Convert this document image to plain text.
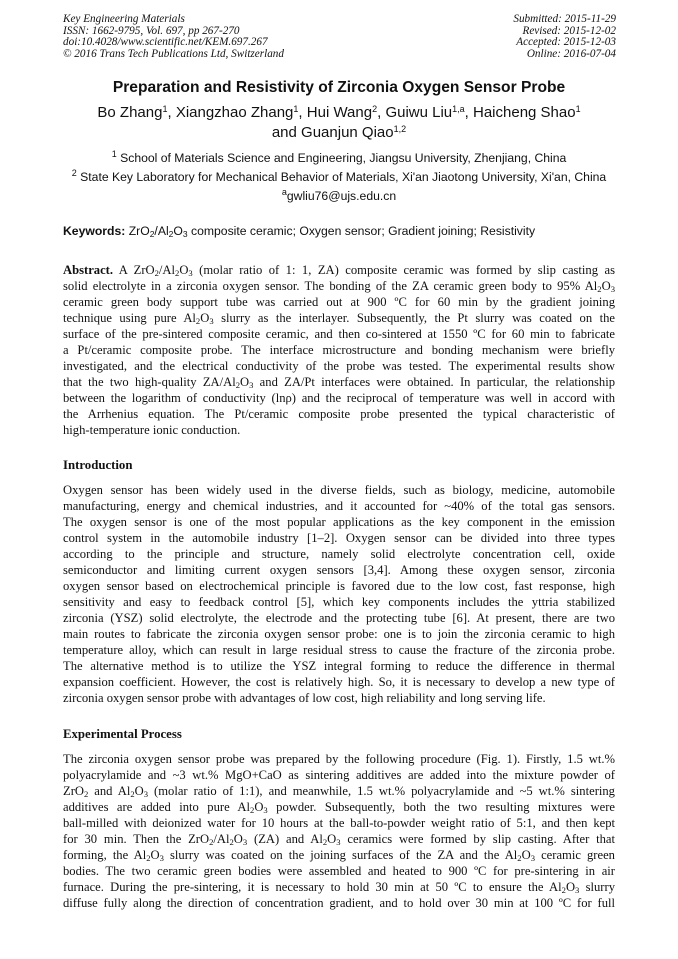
Key Engineering Materials
ISSN: 1662-9795, Vol. 697, pp 267-270
doi:10.4028/www.scientific.net/KEM.697.267
© 2016 Trans Tech Publications Ltd, Switzerland
Submitted: 2015-11-29
Revised: 2015-12-02
Accepted: 2015-12-03
Online: 2016-07-04
Preparation and Resistivity of Zirconia Oxygen Sensor Probe
Bo Zhang$^1$, Xiangzhao Zhang$^1$, Hui Wang$^2$, Guiwu Liu$^{1,a}$, Haicheng Shao$^1$
and Guanjun Qiao$^{1,2}$
$^1$ School of Materials Science and Engineering, Jiangsu University, Zhenjiang, China
$^2$ State Key Laboratory for Mechanical Behavior of Materials, Xi'an Jiaotong University, Xi'an, China
$^a$gwliu76@ujs.edu.cn
Keywords: $ZrO_2/Al_2O_3$ composite ceramic; Oxygen sensor; Gradient joining; Resistivity
Abstract. A $ZrO_2/Al_2O_3$ (molar ratio of 1: 1, ZA) composite ceramic was formed by slip casting as
solid electrolyte in a zirconia oxygen sensor. The bonding of the ZA ceramic green body to 95% $Al_2O_3$
ceramic green body support tube was carried out at 900 ºC for 60 min by the gradient joining
technique using pure $Al_2O_3$ slurry as the interlayer. Subsequently, the Pt slurry was coated on the
surface of the pre-sintered composite ceramic, and then co-sintered at 1550 ºC for 60 min to fabricate
a Pt/ceramic composite probe. The interface microstructure and bonding mechanism were briefly
investigated, and the electrical conductivity of the probe was tested. The experimental results show
that the two high-quality $ZA/Al_2O_3$ and ZA/Pt interfaces were obtained. In particular, the relationship
between the logarithm of conductivity (lnρ) and the reciprocal of temperature was well in accord with
the Arrhenius equation. The Pt/ceramic composite probe presented the typical characteristic of
high-temperature ionic conduction.
Introduction
Oxygen sensor has been widely used in the diverse fields, such as biology, medicine, automobile
manufacturing, energy and chemical industries, and it accounted for ~40% of the total gas sensors.
The oxygen sensor is one of the most popular applications as the key component in the emission
control system in the automobile industry [1–2]. Oxygen sensor can be divided into three types
according to the principle and structure, namely solid electrolyte concentration cell, oxide
semiconductor and limiting current oxygen sensors [3,4]. Among these oxygen sensor, zirconia
oxygen sensor based on electrochemical principle is favored due to the low cost, fast response, high
sensitivity and easy to feedback control [5], which key components includes the yttria stabilized
zirconia (YSZ) solid electrolyte, the electrode and the protecting tube [6]. At present, there are two
main routes to fabricate the zirconia oxygen sensor probe: one is to join the zirconia ceramic to high
temperature alloy, which can result in large residual stress to cause the fracture of the zirconia probe.
The alternative method is to utilize the YSZ integral forming to reduce the difference in thermal
expansion coefficient. However, the cost is relatively high. So, it is necessary to develop a new type of
zirconia oxygen sensor probe with advantages of low cost, high reliability and long serving life.
Experimental Process
The zirconia oxygen sensor probe was prepared by the following procedure (Fig. 1). Firstly, 1.5 wt.%
polyacrylamide and ~3 wt.% MgO+CaO as sintering additives are added into the mixture powder of
ZrO$_2$ and $Al_2O_3$ (molar ratio of 1:1), and meanwhile, 1.5 wt.% polyacrylamide and ~5 wt.% sintering
additives are added into pure $Al_2O_3$ powder. Subsequently, both the two resulting mixtures were
ball-milled with deionized water for 10 hours at the ball-to-powder weight ratio of 5:1, and then kept
for 30 min. Then the $ZrO_2/Al_2O_3$ (ZA) and $Al_2O_3$ ceramics were formed by slip casting. After that
forming, the $Al_2O_3$ slurry was coated on the joining surfaces of the ZA and the $Al_2O_3$ ceramic green
bodies. The two ceramic green bodies were assembled and heated to 900 ºC for pre-sintering in air
furnace. During the pre-sintering, it is necessary to hold 30 min at 50 ºC to ensure the $Al_2O_3$ slurry
diffuse fully along the direction of concentration gradient, and to hold over 30 min at 100 ºC for full
